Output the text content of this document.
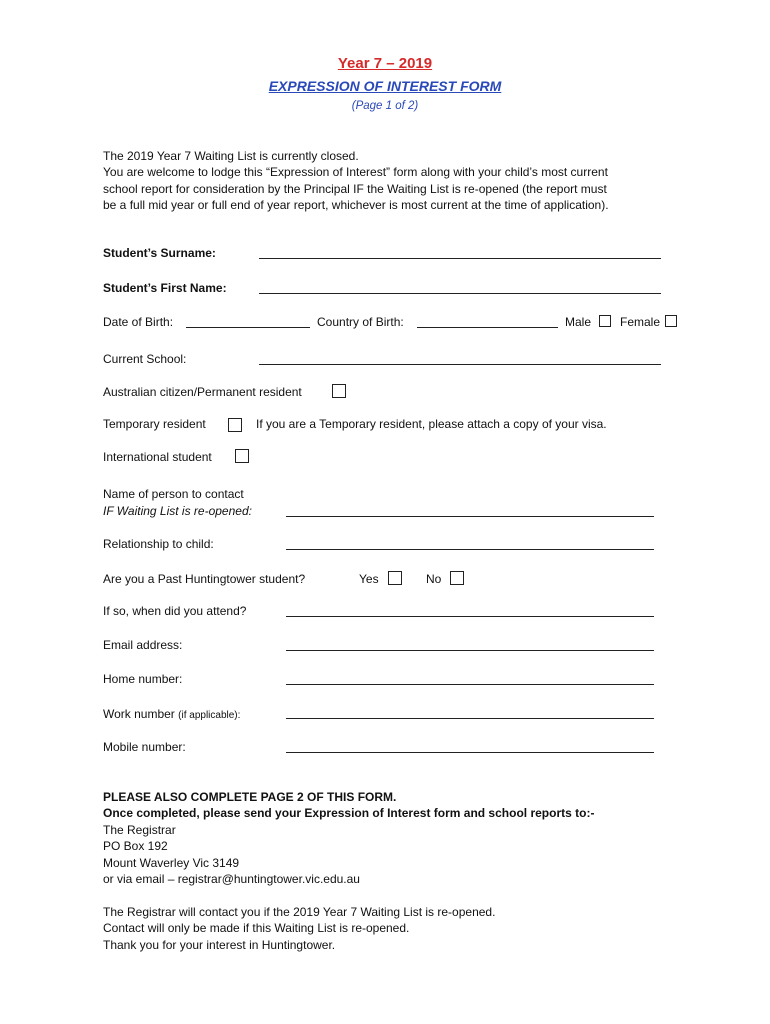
Year 7 – 2019
EXPRESSION OF INTEREST FORM
(Page 1 of 2)
The 2019 Year 7 Waiting List is currently closed.
You are welcome to lodge this “Expression of Interest” form along with your child’s most current
school report for consideration by the Principal IF the Waiting List is re-opened (the report must
be a full mid year or full end of year report, whichever is most current at the time of application).
Student’s Surname:
Student’s First Name:
Date of Birth:	Country of Birth:	Male Female
Current School:
Australian citizen/Permanent resident
Temporary resident	If you are a Temporary resident, please attach a copy of your visa.
International student
Name of person to contact
IF Waiting List is re-opened:
Relationship to child:
Are you a Past Huntingtower student?	Yes	No
If so, when did you attend?
Email address:
Home number:
Work number (if applicable):
Mobile number:
PLEASE ALSO COMPLETE PAGE 2 OF THIS FORM.
Once completed, please send your Expression of Interest form and school reports to:-
The Registrar
PO Box 192
Mount Waverley Vic 3149
or via email – registrar@huntingtower.vic.edu.au
The Registrar will contact you if the 2019 Year 7 Waiting List is re-opened.
Contact will only be made if this Waiting List is re-opened.
Thank you for your interest in Huntingtower.
